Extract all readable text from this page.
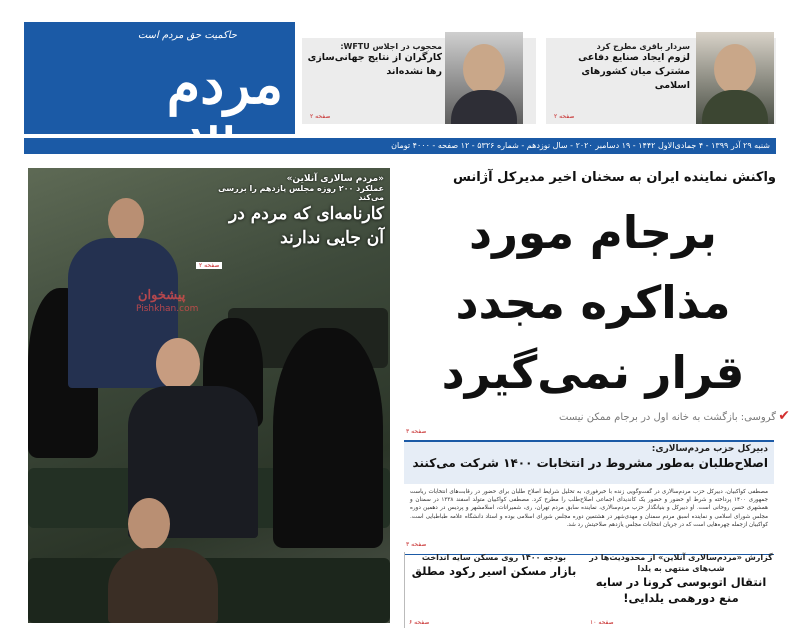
حاکمیت حق مردم است
مردم
شنبه ۲۹ آذر ۱۳۹۹ - ۴ جمادی‌الاول ۱۴۴۲ - ۱۹ دسامبر ۲۰۲۰ - سال نوزدهم - شماره ۵۳۲۶ - ۱۲ صفحه - ۴۰۰۰ تومان
محجوب در اجلاس WFTU:
کارگران از نتایج جهانی‌سازی رها نشده‌اند
صفحه ۲
سردار باقری مطرح کرد
لزوم ایجاد صنایع دفاعی مشترک میان کشورهای اسلامی
صفحه ۲
«مردم سالاری آنلاین»
عملکرد ۲۰۰ روزه مجلس یازدهم را بررسی می‌کند
کارنامه‌ای که مردم در آن جایی ندارند
صفحه ۲
پیشخوان
Pishkhan.com
واکنش نماینده ایران به سخنان اخیر مدیرکل آژانس
برجام مورد مذاکره مجدد قرار نمی‌گیرد
✔
گروسی: بازگشت به خانه اول در برجام ممکن نیست
صفحه ۳
دبیرکل حزب مردم‌سالاری:
اصلاح‌طلبان به‌طور مشروط در انتخابات ۱۴۰۰ شرکت می‌کنند
مصطفی کواکبیان، دبیرکل حزب مردم‌سالاری در گفت‌وگویی زنده با خبرفوری، به تحلیل شرایط اصلاح طلبان برای حضور در رقابت‌های انتخابات ریاست جمهوری ۱۴۰۰ پرداخته و شرط او حضور و حضور یک کاندیدای اجماعی اصلاح‌طلب را مطرح کرد. مصطفی کواکبیان متولد اسفند ۱۳۳۸ در سمنان و همشهری حسن روحانی است. او دبیرکل و بنیانگذار حزب مردم‌سالاری، نماینده سابق مردم تهران، ری، شمیرانات، اسلامشهر و پردیس در دهمین دوره مجلس شورای اسلامی و نماینده اسبق مردم سمنان و مهدی‌شهر در هشتمین دوره مجلس شورای اسلامی بوده و استاد دانشگاه علامه طباطبایی است. کواکبیان ازجمله چهره‌هایی است که در جریان انتخابات مجلس یازدهم صلاحیتش رد شد.
صفحه ۳
بودجه ۱۴۰۰ روی مسکن سایه انداخت
بازار مسکن اسیر رکود مطلق
صفحه ۶
گزارش «مردم‌سالاری آنلاین» از محدودیت‌ها در شب‌های منتهی به یلدا
انتقال اتوبوسی کرونا در سایه منع دورهمی یلدایی!
صفحه ۱۰
